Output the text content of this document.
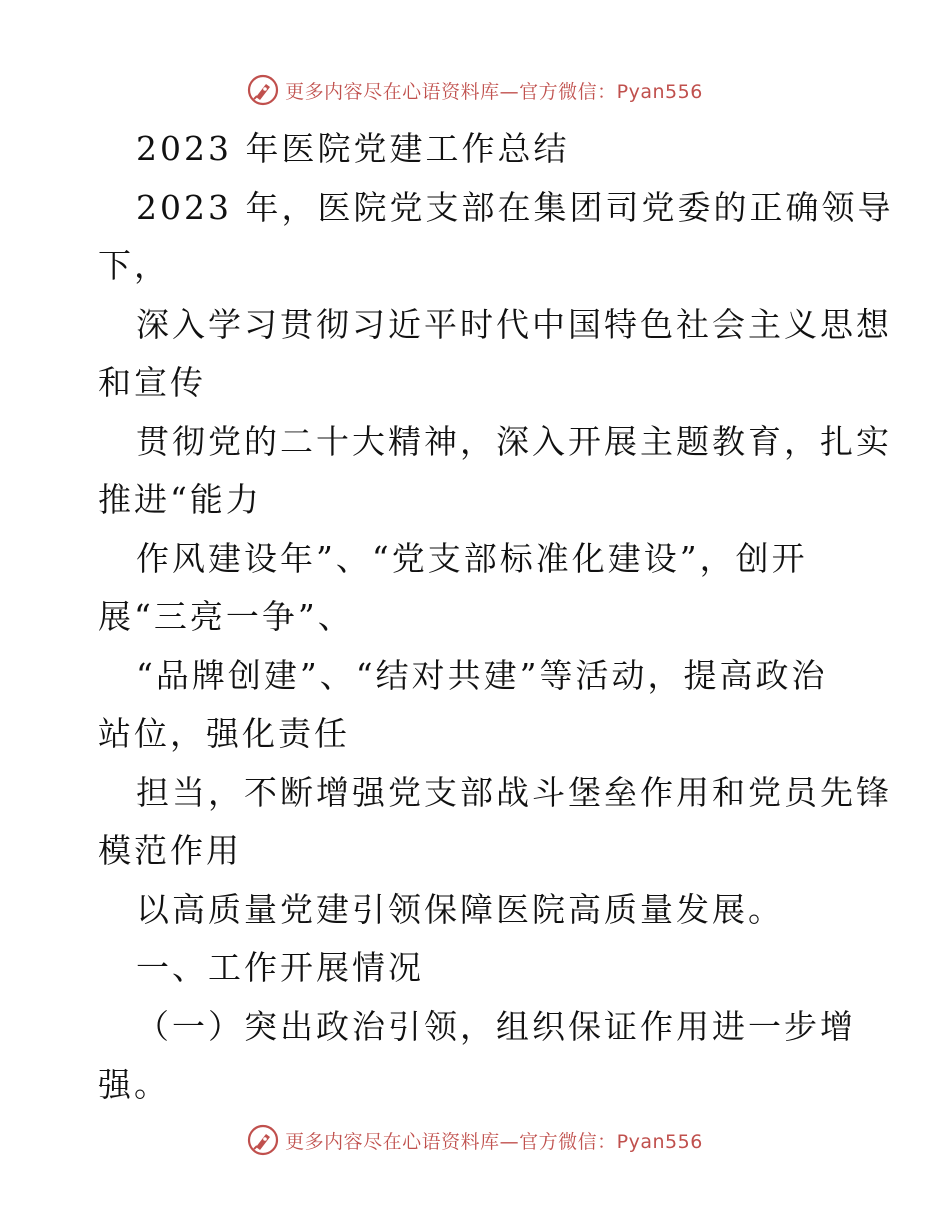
更多内容尽在心语资料库—官方微信：Pyan556
2023 年医院党建工作总结
2023 年，医院党支部在集团司党委的正确领导
下，
深入学习贯彻习近平时代中国特色社会主义思想
和宣传
贯彻党的二十大精神，深入开展主题教育，扎实
推进“能力
作风建设年”、“党支部标准化建设”，创开
展“三亮一争”、
“品牌创建”、“结对共建”等活动，提高政治
站位，强化责任
担当，不断增强党支部战斗堡垒作用和党员先锋
模范作用
以高质量党建引领保障医院高质量发展。
一、工作开展情况
（一）突出政治引领，组织保证作用进一步增
强。
更多内容尽在心语资料库—官方微信：Pyan556
